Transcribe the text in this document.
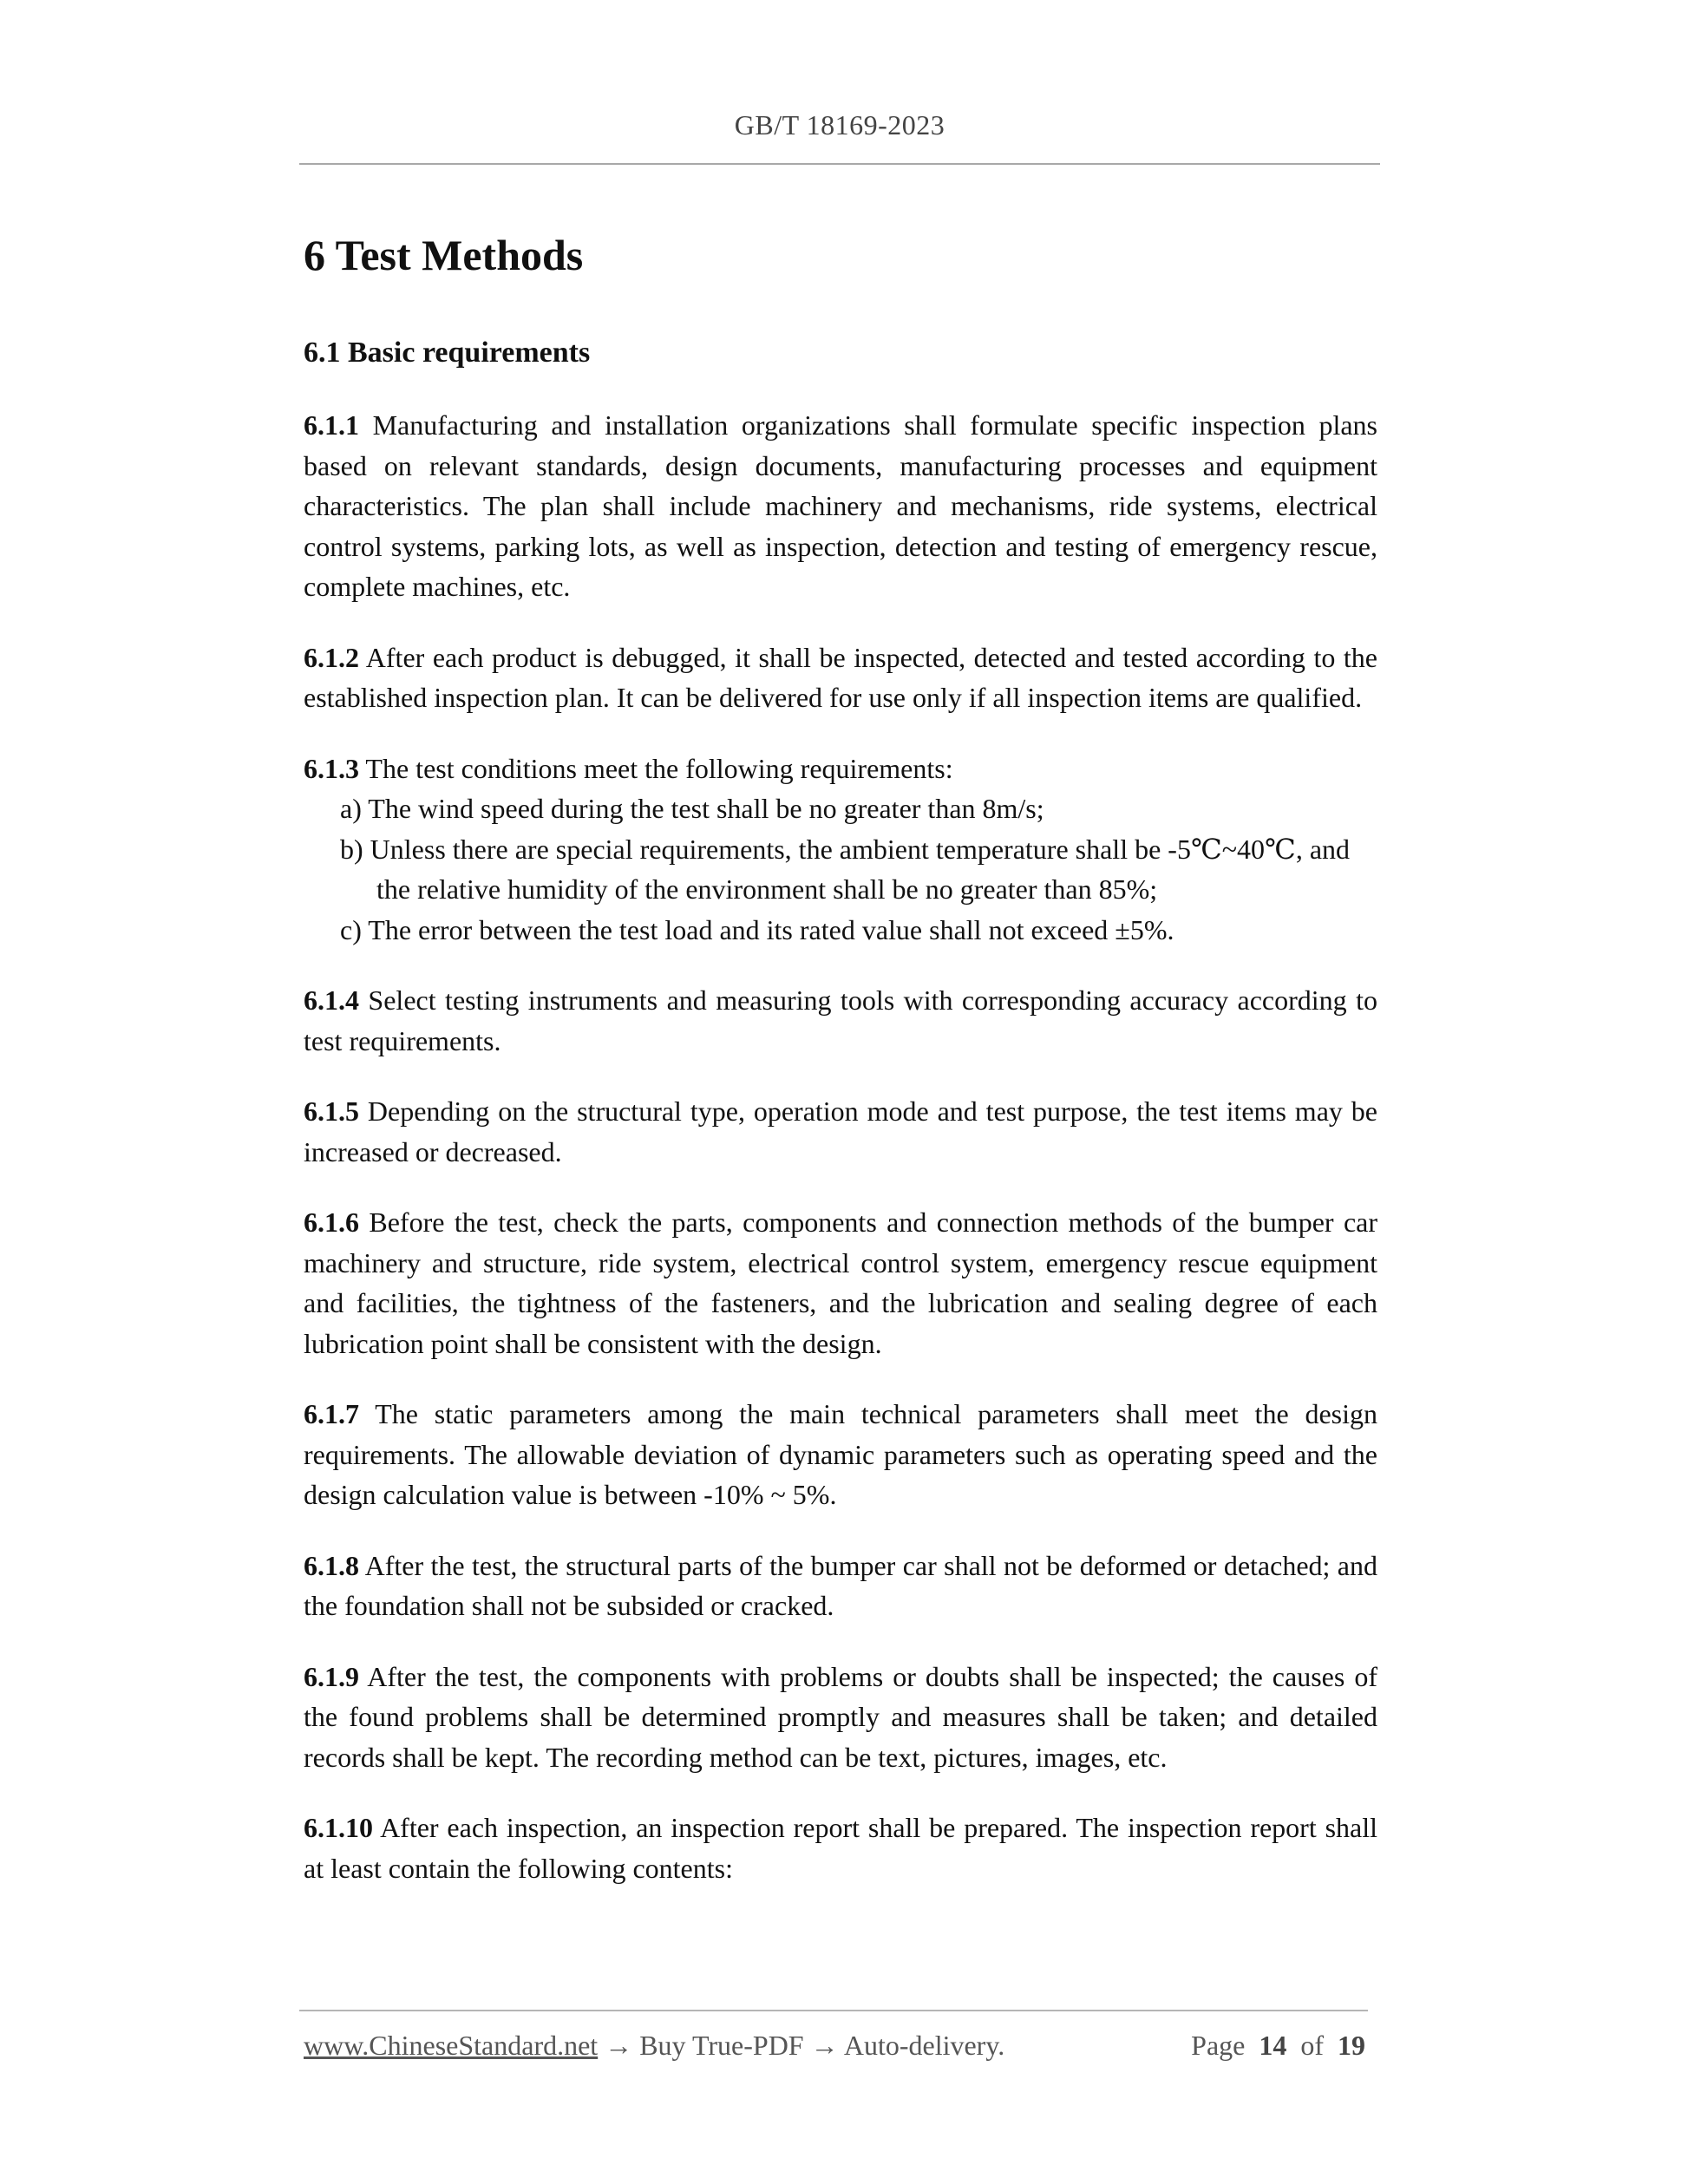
GB/T 18169-2023
6 Test Methods
6.1 Basic requirements

6.1.1 Manufacturing and installation organizations shall formulate specific inspection plans based on relevant standards, design documents, manufacturing processes and equipment characteristics. The plan shall include machinery and mechanisms, ride systems, electrical control systems, parking lots, as well as inspection, detection and testing of emergency rescue, complete machines, etc.

6.1.2 After each product is debugged, it shall be inspected, detected and tested according to the established inspection plan. It can be delivered for use only if all inspection items are qualified.

6.1.3 The test conditions meet the following requirements:

a) The wind speed during the test shall be no greater than 8m/s;

b) Unless there are special requirements, the ambient temperature shall be -5℃~40℃, and
the relative humidity of the environment shall be no greater than 85%;

c) The error between the test load and its rated value shall not exceed ±5%.

6.1.4 Select testing instruments and measuring tools with corresponding accuracy according to test requirements.

6.1.5 Depending on the structural type, operation mode and test purpose, the test items may be increased or decreased.

6.1.6 Before the test, check the parts, components and connection methods of the bumper car machinery and structure, ride system, electrical control system, emergency rescue equipment and facilities, the tightness of the fasteners, and the lubrication and sealing degree of each lubrication point shall be consistent with the design.

6.1.7 The static parameters among the main technical parameters shall meet the design requirements. The allowable deviation of dynamic parameters such as operating speed and the design calculation value is between -10% ~ 5%.

6.1.8 After the test, the structural parts of the bumper car shall not be deformed or detached; and the foundation shall not be subsided or cracked.

6.1.9 After the test, the components with problems or doubts shall be inspected; the causes of the found problems shall be determined promptly and measures shall be taken; and detailed records shall be kept. The recording method can be text, pictures, images, etc.

6.1.10 After each inspection, an inspection report shall be prepared. The inspection report shall at least contain the following contents:

www.ChineseStandard.net → Buy True-PDF → Auto-delivery.	Page 14 of 19
